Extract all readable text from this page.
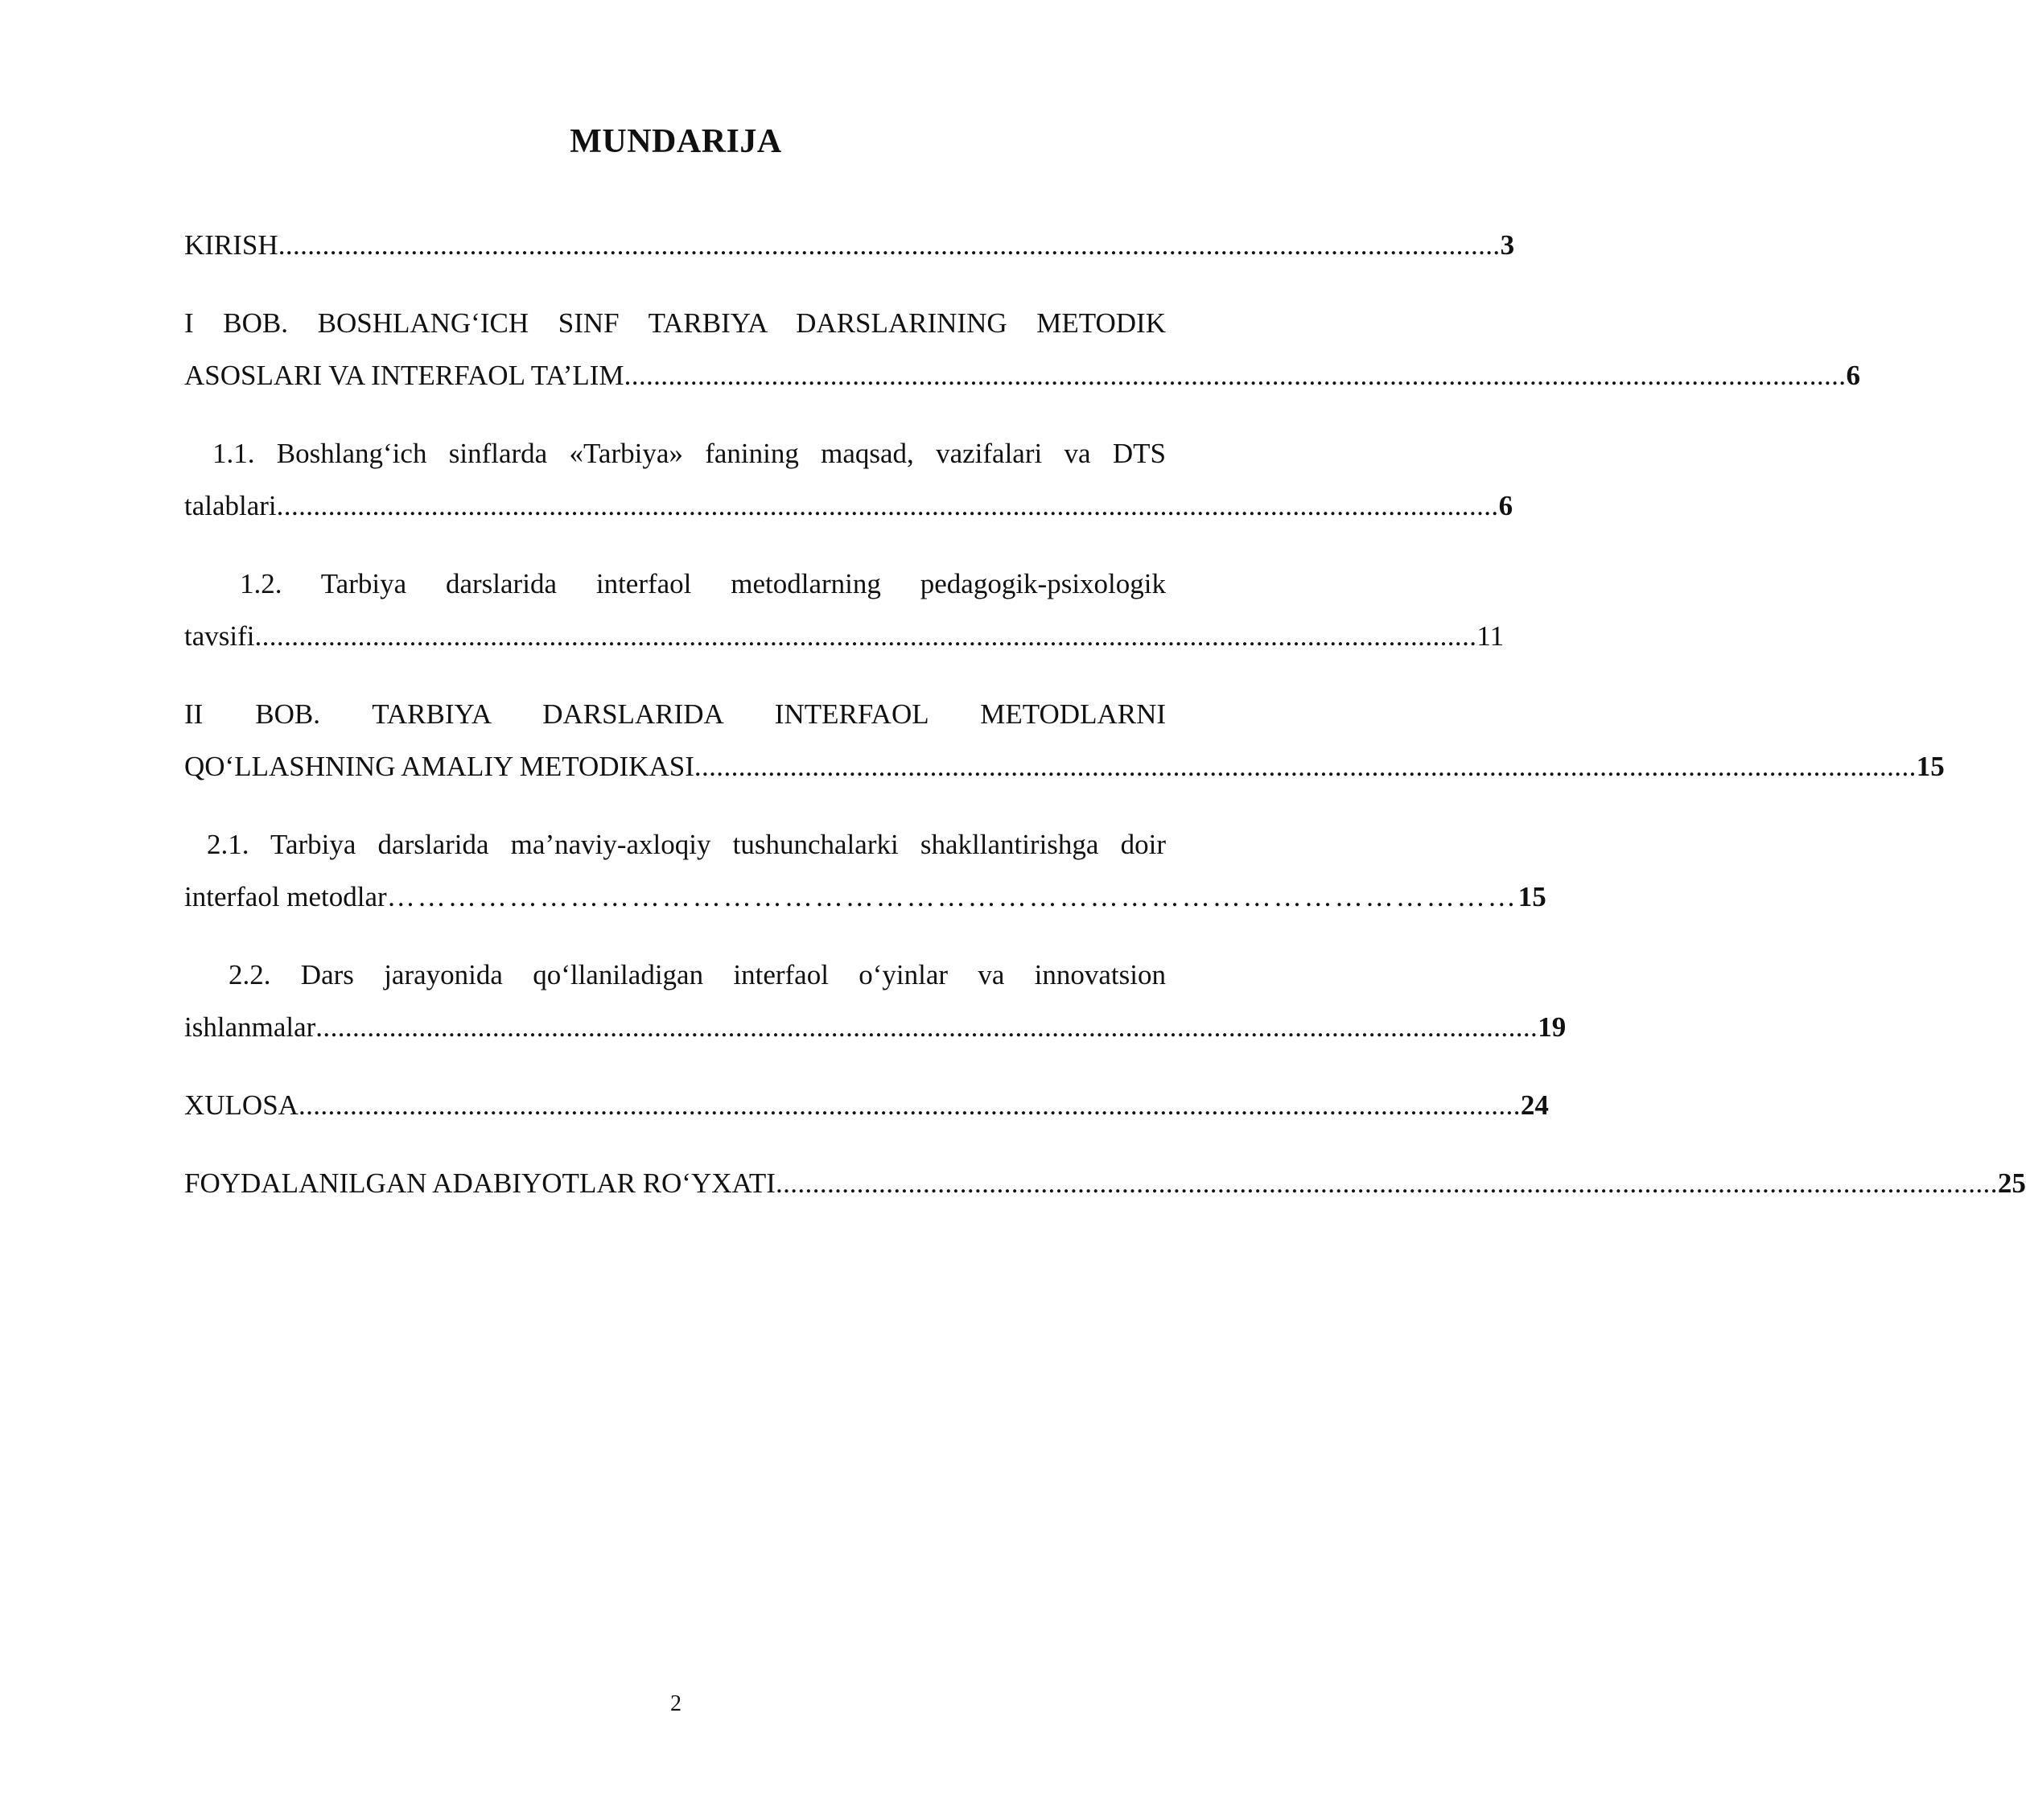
MUNDARIJA
KIRISH ...................................................................................................................................................................... 3
I BOB. BOSHLANG‘ICH SINF TARBIYA DARSLARINING METODIK
ASOSLARI VA INTERFAOL TA’LIM ...................................................................................................................................................................... 6
1.1. Boshlang‘ich sinflarda «Tarbiya» fanining maqsad, vazifalari va DTS
talablari ...................................................................................................................................................................... 6
1.2. Tarbiya darslarida interfaol metodlarning pedagogik-psixologik
tavsifi ...................................................................................................................................................................... 11
II BOB. TARBIYA DARSLARIDA INTERFAOL METODLARNI
QO‘LLASHNING AMALIY METODIKASI ...................................................................................................................................................................... 15
2.1. Tarbiya darslarida ma’naviy-axloqiy tushunchalarki shakllantirishga doir
interfaol metodlar ………………………………………………………………………………………………… 15
2.2. Dars jarayonida qo‘llaniladigan interfaol o‘yinlar va innovatsion
ishlanmalar ...................................................................................................................................................................... 19
XULOSA ...................................................................................................................................................................... 24
FOYDALANILGAN ADABIYOTLAR RO‘YXATI ...................................................................................................................................................................... 25
2
